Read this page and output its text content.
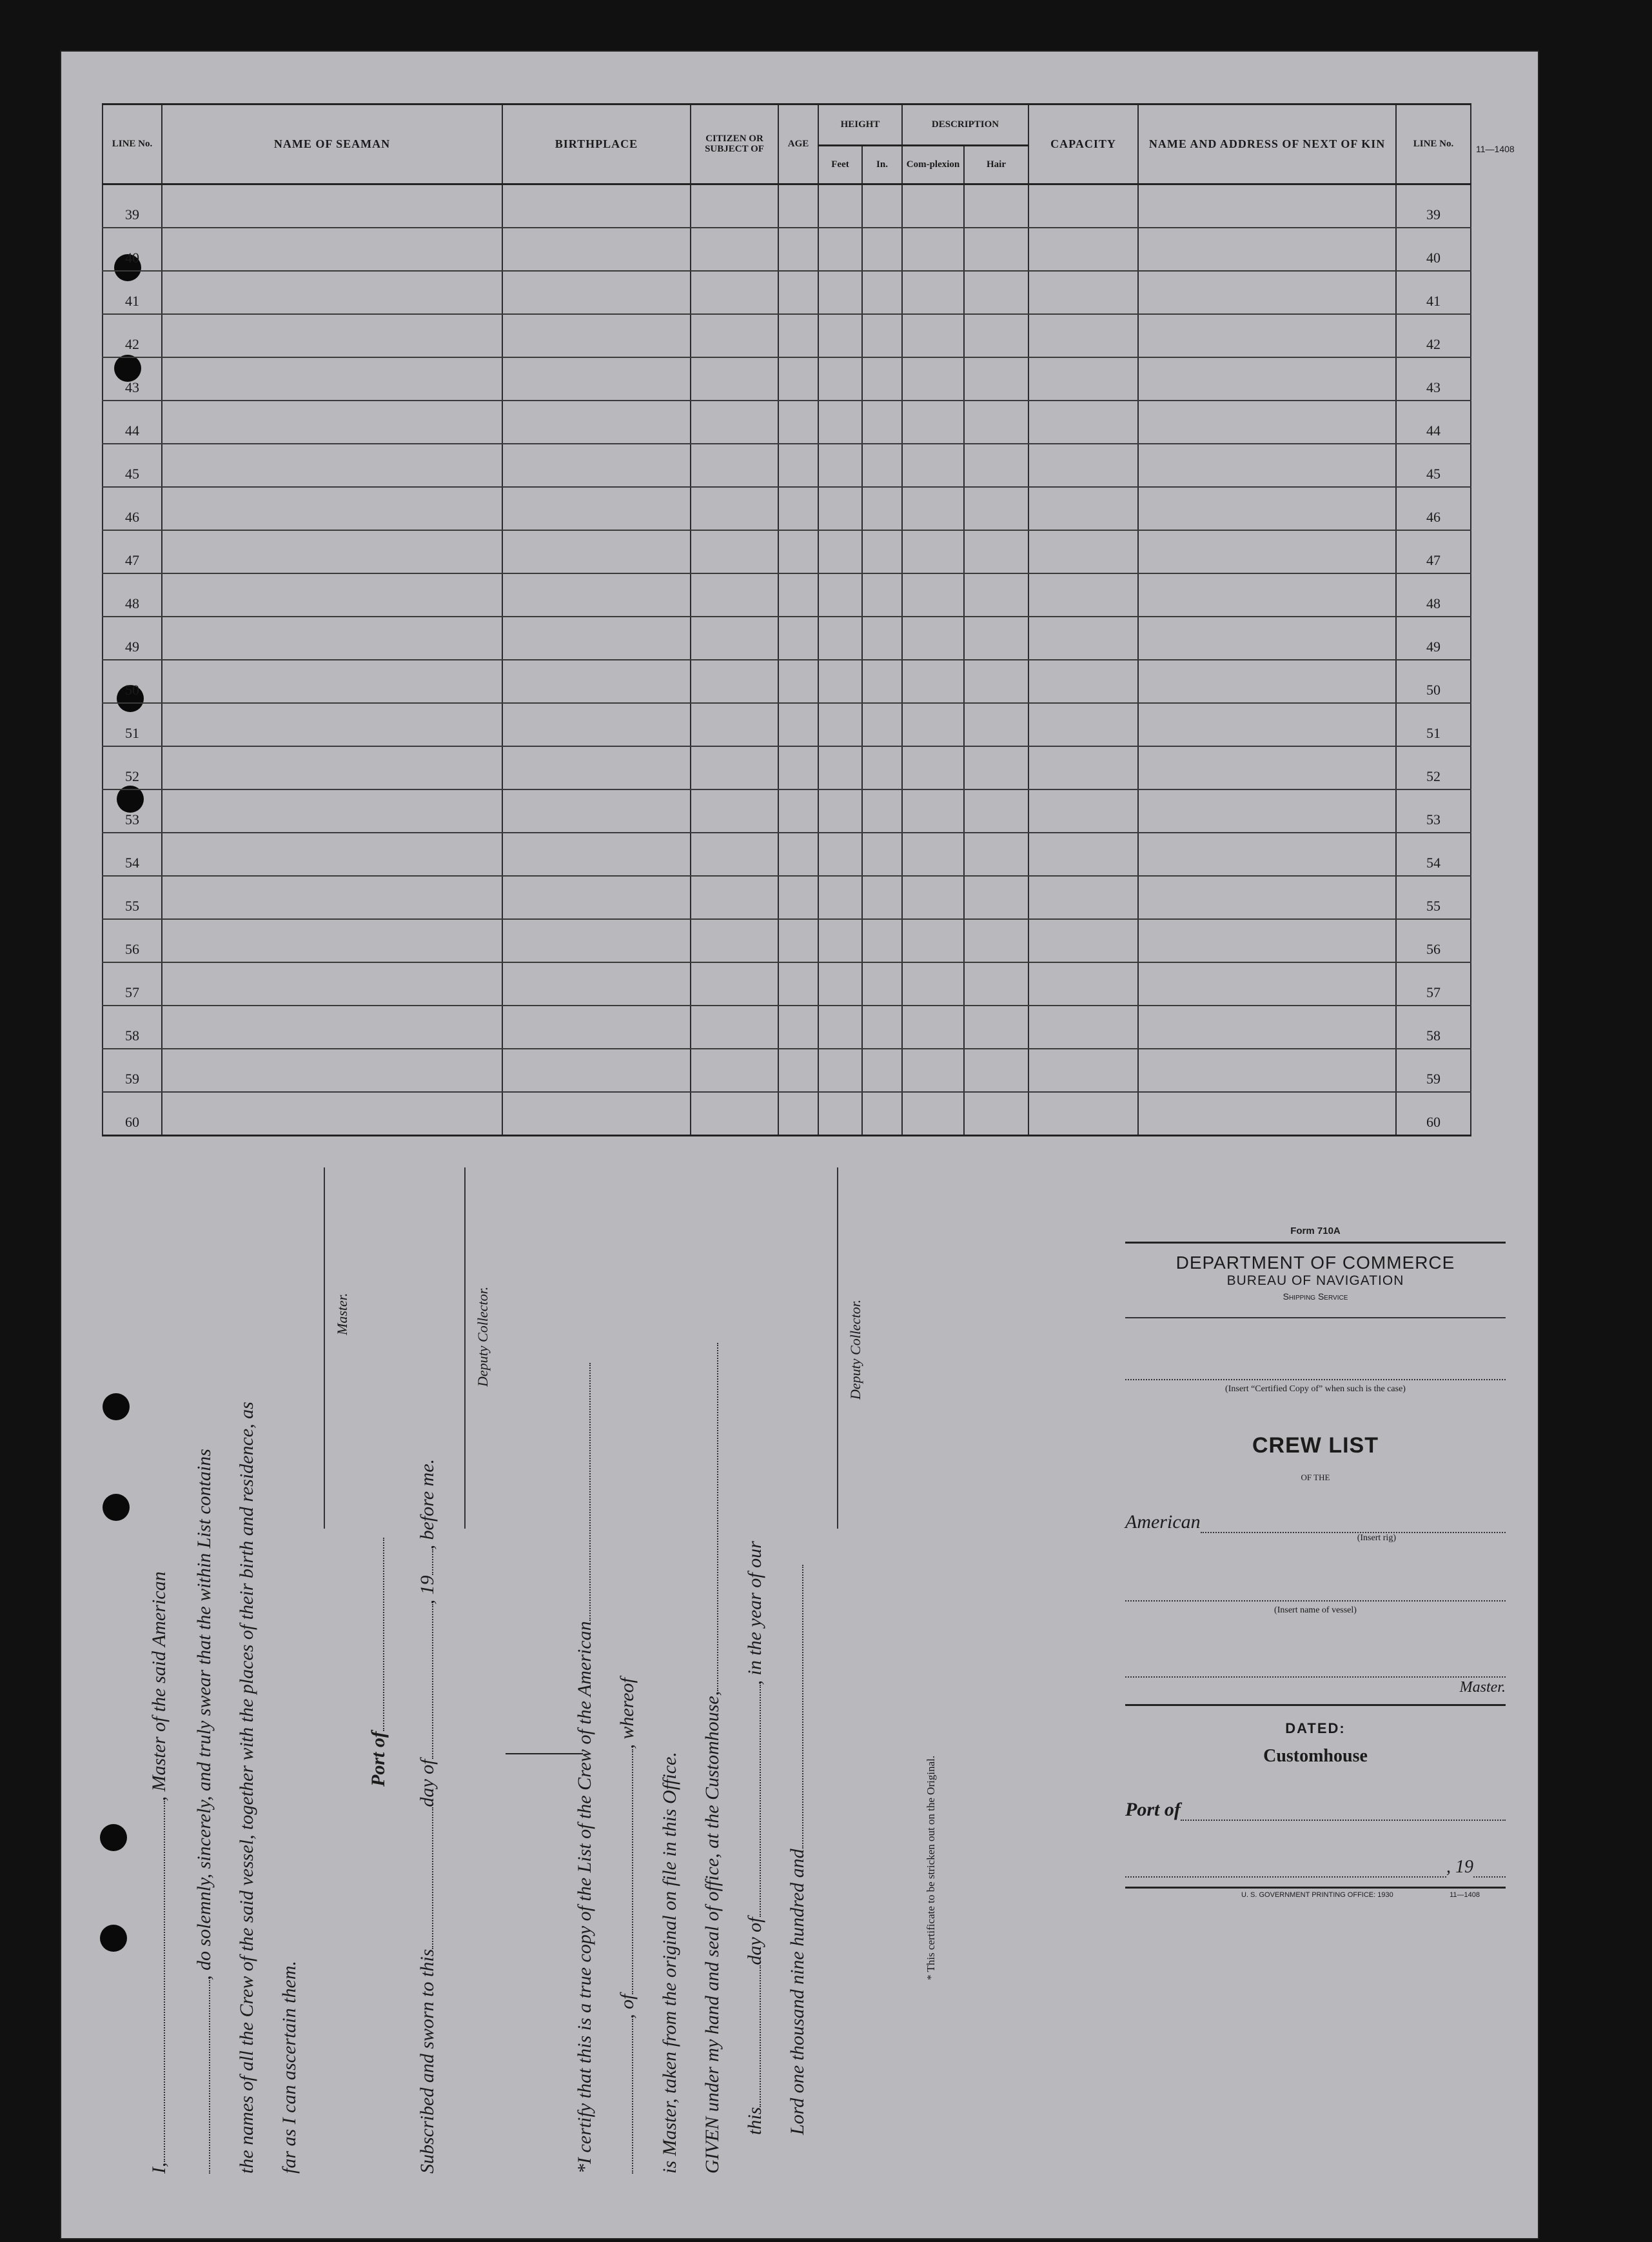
11—1408
LINE No.	NAME OF SEAMAN	BIRTHPLACE	CITIZEN OR SUBJECT OF	AGE	HEIGHT		DESCRIPTION		CAPACITY	NAME AND ADDRESS OF NEXT OF KIN	LINE No.
					Feet	In.	Com-plexion	Hair			
39											39
40											40
41											41
42											42
43											43
44											44
45											45
46											46
47											47
48											48
49											49
50											50
51											51
52											52
53											53
54											54
55											55
56											56
57											57
58											58
59											59
60											60
I,, Master of the said American , do solemnly, sincerely, and truly swear that the within List contains the names of all the Crew of the said vessel, together with the places of their birth and residence, as far as I can ascertain them.
Master.
Port of
Subscribed and sworn to thisday of, 19, before me.
Deputy Collector.
*I certify that this is a true copy of the List of the Crew of the American , of, whereof
is Master, taken from the original on file in this Office. GIVEN under my hand and seal of office, at the Customhouse, thisday of, in the year of our
Lord one thousand nine hundred and
Deputy Collector.
* This certificate to be stricken out on the Original.
Form 710A
DEPARTMENT OF COMMERCE
BUREAU OF NAVIGATION
Shipping Service
(Insert “Certified Copy of” when such is the case)
CREW LIST
OF THE
American
(Insert rig)
(Insert name of vessel)
Master.
DATED:
Customhouse
Port of
, 19
U. S. GOVERNMENT PRINTING OFFICE: 1930	11—1408
